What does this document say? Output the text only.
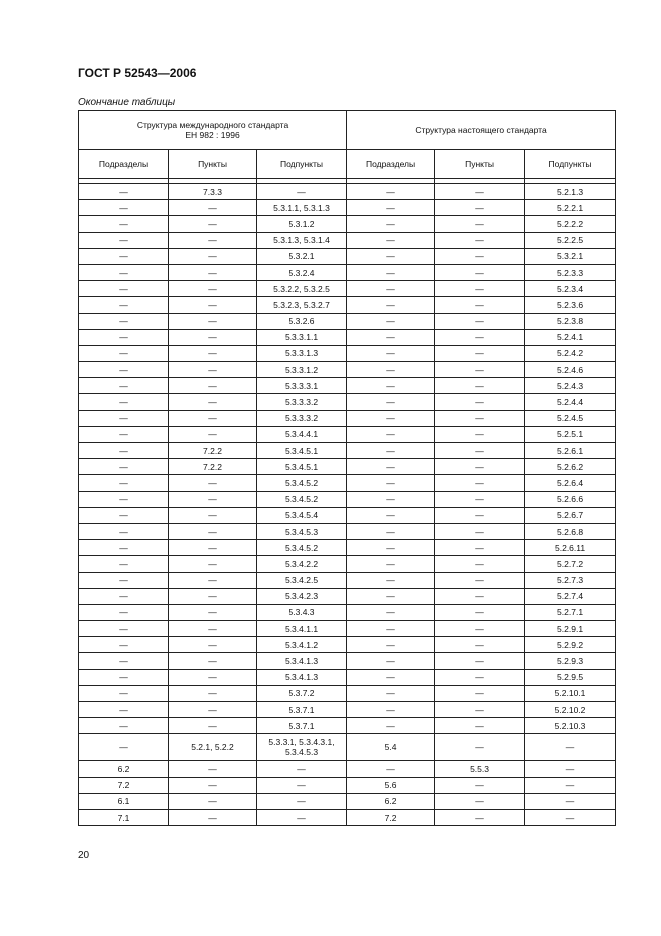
ГОСТ Р 52543—2006
Окончание таблицы
Структура международного стандарта
ЕН 982 : 1996			Структура настоящего стандарта		

Подразделы	Пункты	Подпункты	Подразделы	Пункты	Подпункты

—	7.3.3	—	—	—	5.2.1.3
—	—	5.3.1.1, 5.3.1.3	—	—	5.2.2.1
—	—	5.3.1.2	—	—	5.2.2.2
—	—	5.3.1.3, 5.3.1.4	—	—	5.2.2.5
—	—	5.3.2.1	—	—	5.3.2.1
—	—	5.3.2.4	—	—	5.2.3.3
—	—	5.3.2.2, 5.3.2.5	—	—	5.2.3.4
—	—	5.3.2.3, 5.3.2.7	—	—	5.2.3.6
—	—	5.3.2.6	—	—	5.2.3.8
—	—	5.3.3.1.1	—	—	5.2.4.1
—	—	5.3.3.1.3	—	—	5.2.4.2
—	—	5.3.3.1.2	—	—	5.2.4.6
—	—	5.3.3.3.1	—	—	5.2.4.3
—	—	5.3.3.3.2	—	—	5.2.4.4
—	—	5.3.3.3.2	—	—	5.2.4.5
—	—	5.3.4.4.1	—	—	5.2.5.1
—	7.2.2	5.3.4.5.1	—	—	5.2.6.1
—	7.2.2	5.3.4.5.1	—	—	5.2.6.2
—	—	5.3.4.5.2	—	—	5.2.6.4
—	—	5.3.4.5.2	—	—	5.2.6.6
—	—	5.3.4.5.4	—	—	5.2.6.7
—	—	5.3.4.5.3	—	—	5.2.6.8
—	—	5.3.4.5.2	—	—	5.2.6.11
—	—	5.3.4.2.2	—	—	5.2.7.2
—	—	5.3.4.2.5	—	—	5.2.7.3
—	—	5.3.4.2.3	—	—	5.2.7.4
—	—	5.3.4.3	—	—	5.2.7.1
—	—	5.3.4.1.1	—	—	5.2.9.1
—	—	5.3.4.1.2	—	—	5.2.9.2
—	—	5.3.4.1.3	—	—	5.2.9.3
—	—	5.3.4.1.3	—	—	5.2.9.5
—	—	5.3.7.2	—	—	5.2.10.1
—	—	5.3.7.1	—	—	5.2.10.2
—	—	5.3.7.1	—	—	5.2.10.3
—	5.2.1, 5.2.2	5.3.3.1, 5.3.4.3.1, 5.3.4.5.3	5.4	—	—
6.2	—	—	—	5.5.3	—
7.2	—	—	5.6	—	—
6.1	—	—	6.2	—	—
7.1	—	—	7.2	—	—
20
